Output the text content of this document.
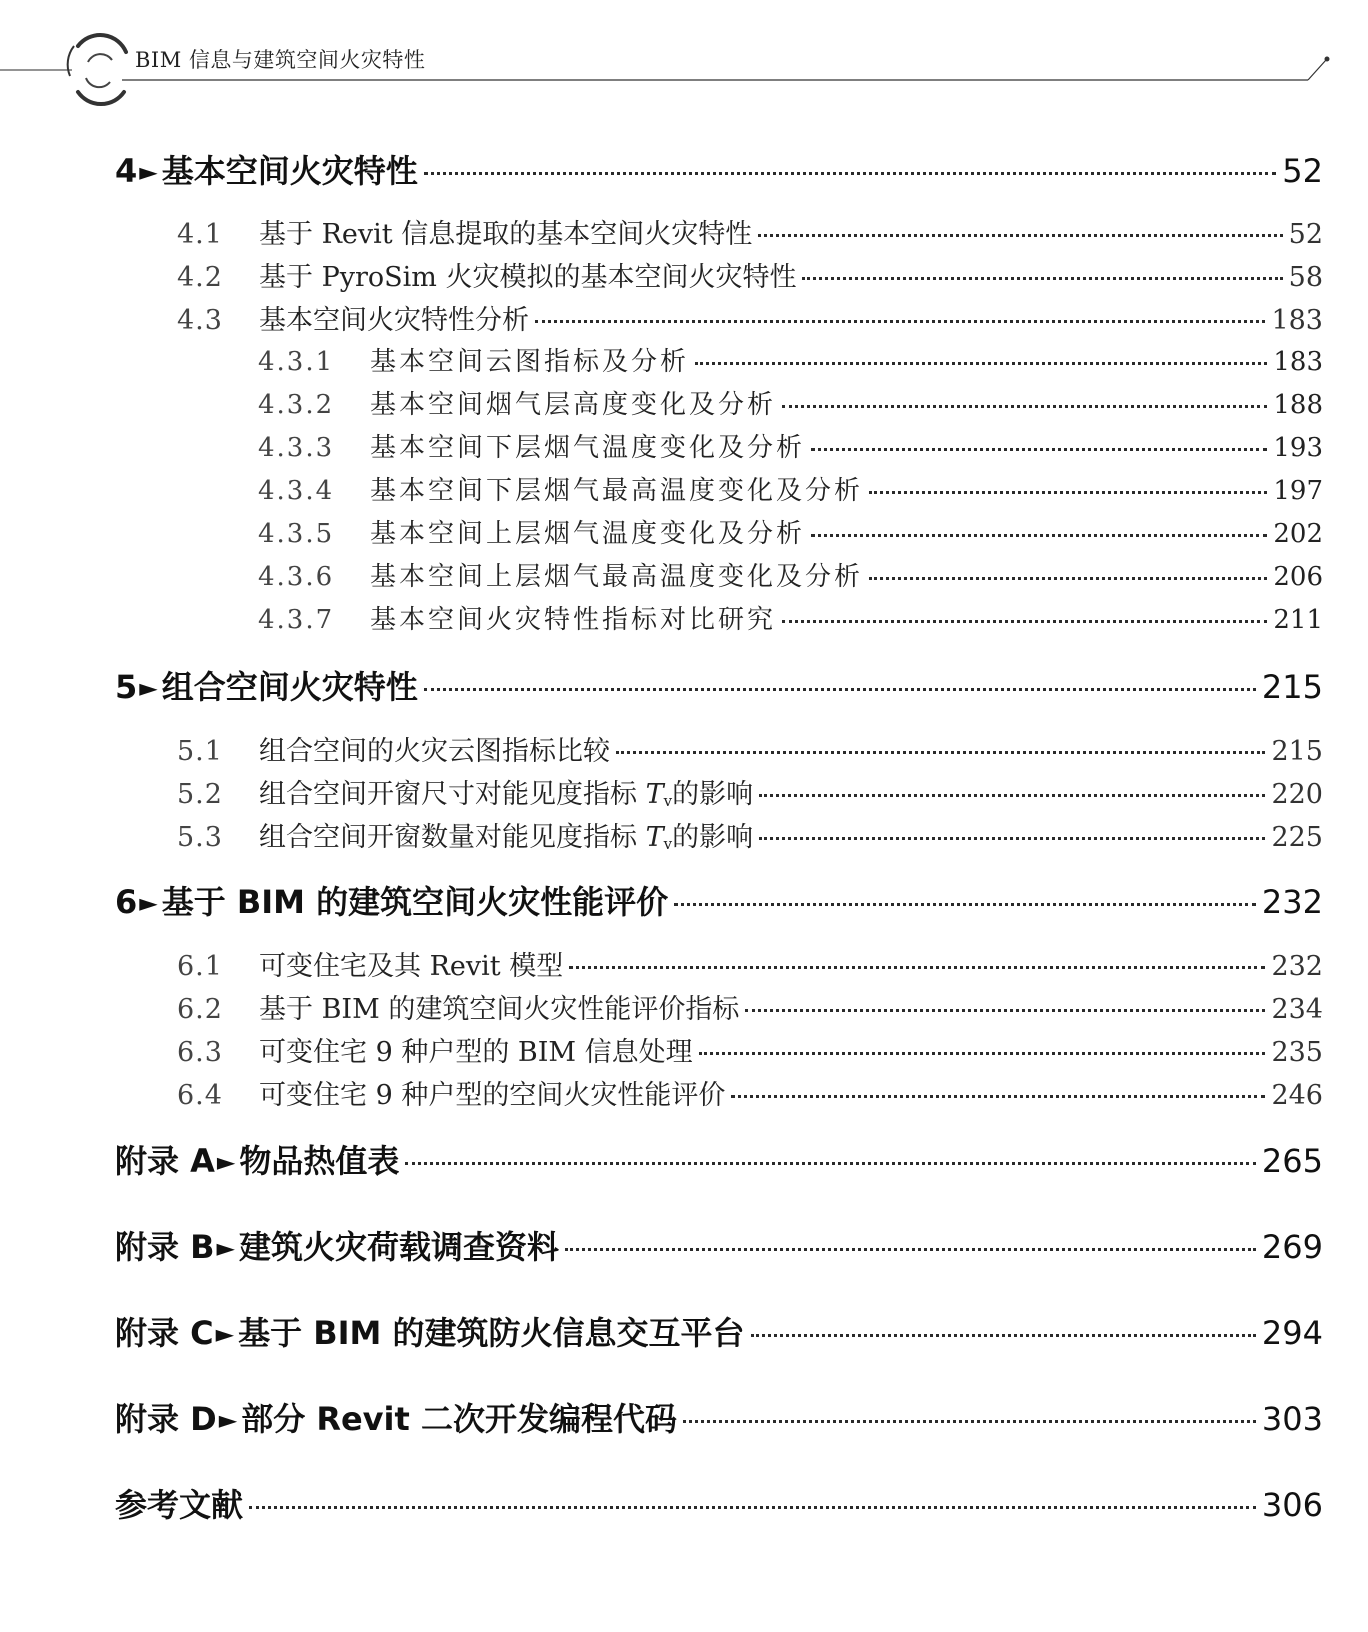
BIM 信息与建筑空间火灾特性
4 ► 基本空间火灾特性	52
4.1	基于 Revit 信息提取的基本空间火灾特性	52
4.2	基于 PyroSim 火灾模拟的基本空间火灾特性	58
4.3	基本空间火灾特性分析	183
4.3.1	基本空间云图指标及分析	183
4.3.2	基本空间烟气层高度变化及分析	188
4.3.3	基本空间下层烟气温度变化及分析	193
4.3.4	基本空间下层烟气最高温度变化及分析	197
4.3.5	基本空间上层烟气温度变化及分析	202
4.3.6	基本空间上层烟气最高温度变化及分析	206
4.3.7	基本空间火灾特性指标对比研究	211
5 ► 组合空间火灾特性	215
5.1	组合空间的火灾云图指标比较	215
5.2	组合空间开窗尺寸对能见度指标 Tv的影响	220
5.3	组合空间开窗数量对能见度指标 Tv的影响	225
6 ► 基于 BIM 的建筑空间火灾性能评价	232
6.1	可变住宅及其 Revit 模型	232
6.2	基于 BIM 的建筑空间火灾性能评价指标	234
6.3	可变住宅 9 种户型的 BIM 信息处理	235
6.4	可变住宅 9 种户型的空间火灾性能评价	246
附录 A ► 物品热值表	265
附录 B ► 建筑火灾荷载调查资料	269
附录 C ► 基于 BIM 的建筑防火信息交互平台	294
附录 D ► 部分 Revit 二次开发编程代码	303
参考文献	306
